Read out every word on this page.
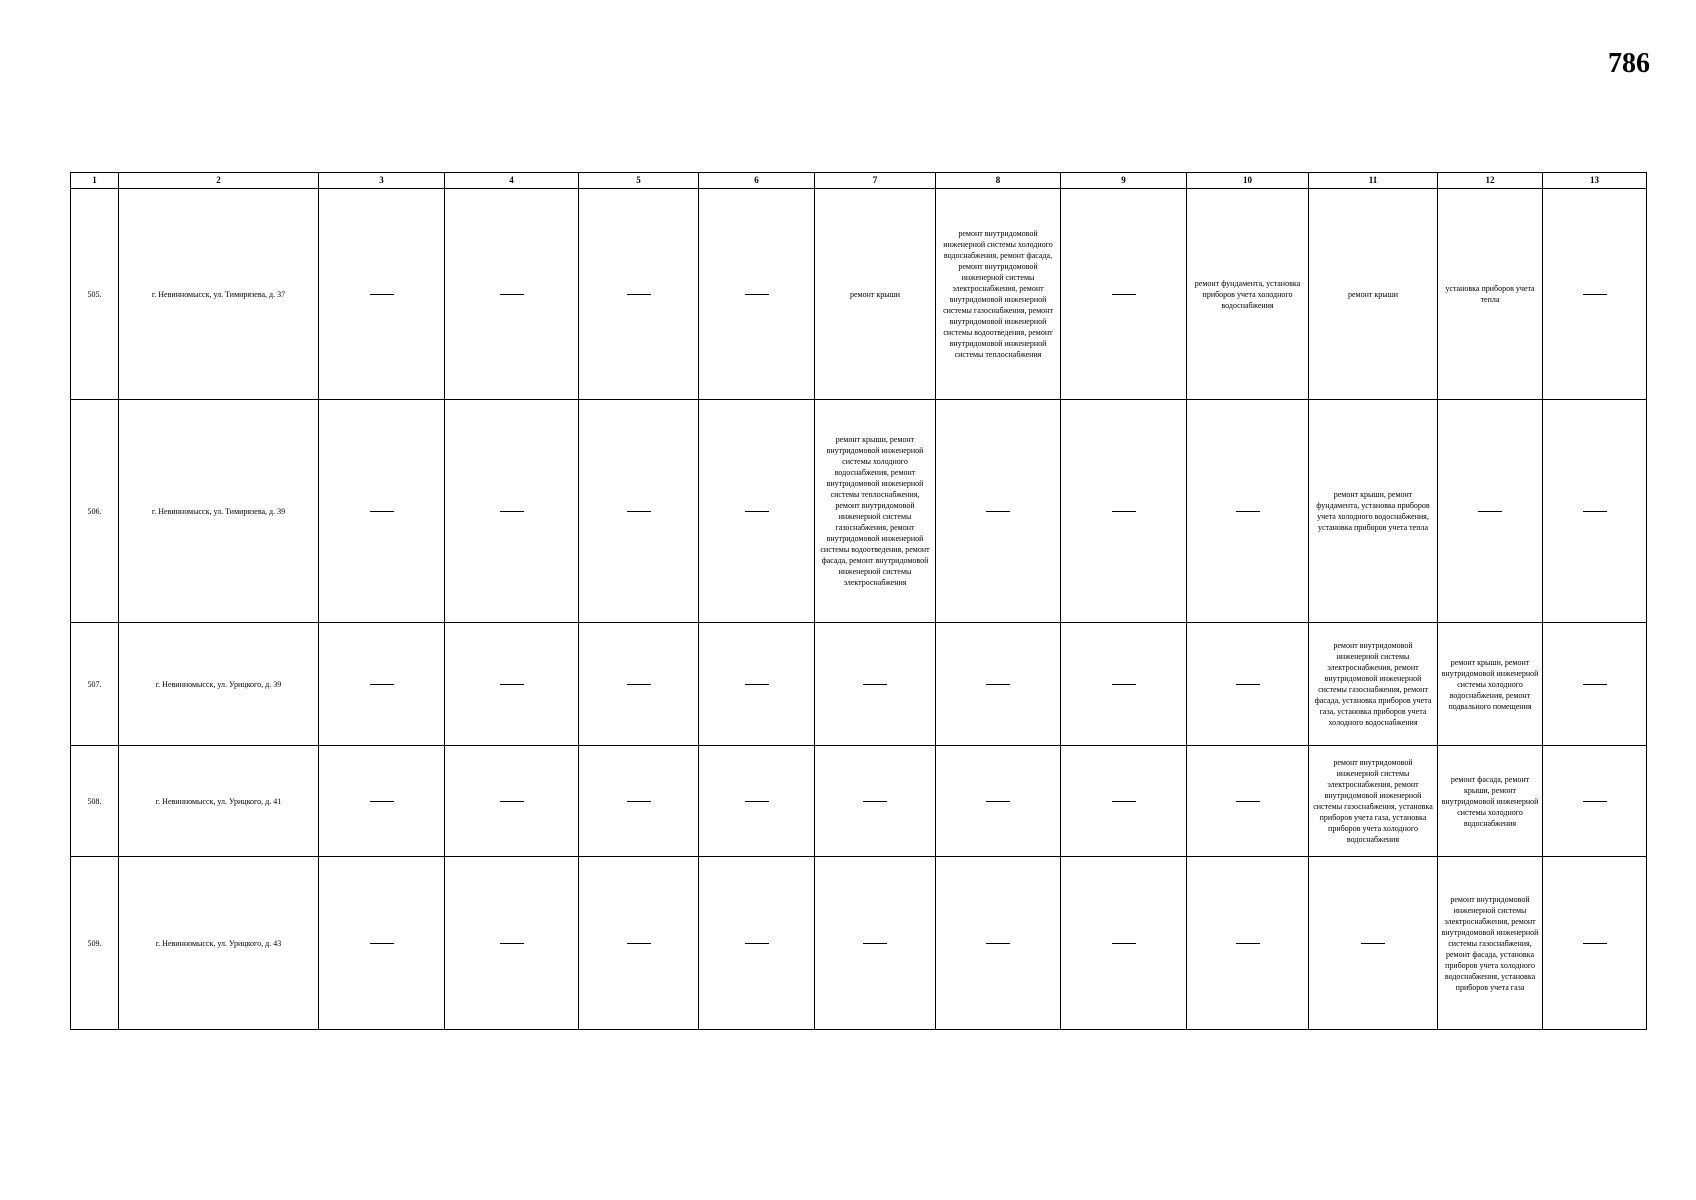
786
1	2	3	4	5	6	7	8	9	10	11	12	13
505.	г. Невинномысск, ул. Тимирязева, д. 37					ремонт крыши	ремонт внутридомовой инженерной системы холодного водоснабжения, ремонт фасада, ремонт внутридомовой инженерной системы электроснабжения, ремонт внутридомовой инженерной системы газоснабжения, ремонт внутридомовой инженерной системы водоотведения, ремонт внутридомовой инженерной системы теплоснабжения		ремонт фундамента, установка приборов учета холодного водоснабжения	ремонт крыши	установка приборов учета тепла	
506.	г. Невинномысск, ул. Тимирязева, д. 39					ремонт крыши, ремонт внутридомовой инженерной системы холодного водоснабжения, ремонт внутридомовой инженерной системы теплоснабжения, ремонт внутридомовой инженерной системы газоснабжения, ремонт внутридомовой инженерной системы водоотведения, ремонт фасада, ремонт внутридомовой инженерной системы электроснабжения				ремонт крыши, ремонт фундамента, установка приборов учета холодного водоснабжения, установка приборов учета тепла		
507.	г. Невинномысск, ул. Урицкого, д. 39									ремонт внутридомовой инженерной системы электроснабжения, ремонт внутридомовой инженерной системы газоснабжения, ремонт фасада, установка приборов учета газа, установка приборов учета холодного водоснабжения	ремонт крыши, ремонт внутридомовой инженерной системы холодного водоснабжения, ремонт подвального помещения	
508.	г. Невинномысск, ул. Урицкого, д. 41									ремонт внутридомовой инженерной системы электроснабжения, ремонт внутридомовой инженерной системы газоснабжения, установка приборов учета газа, установка приборов учета холодного водоснабжения	ремонт фасада, ремонт крыши, ремонт внутридомовой инженерной системы холодного водоснабжения	
509.	г. Невинномысск, ул. Урицкого, д. 43										ремонт внутридомовой инженерной системы электроснабжения, ремонт внутридомовой инженерной системы газоснабжения, ремонт фасада, установка приборов учета холодного водоснабжения, установка приборов учета газа	
